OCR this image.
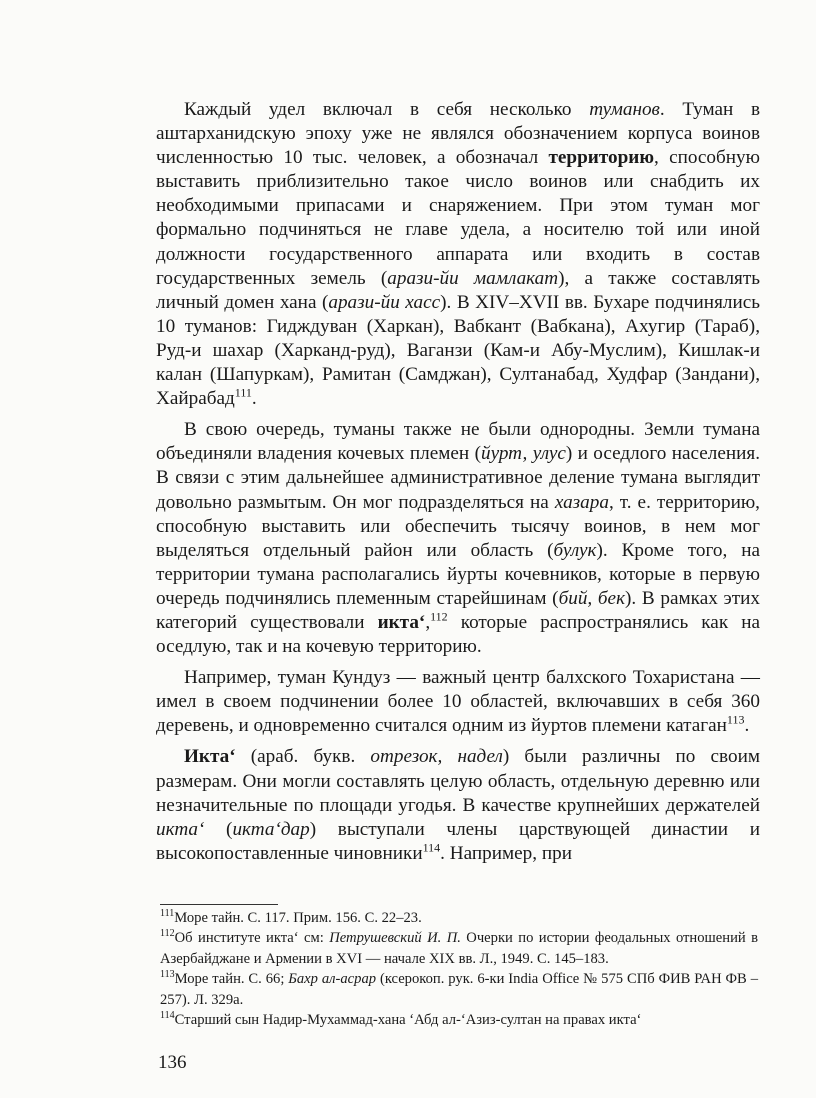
Каждый удел включал в себя несколько туманов. Туман в аштарханидскую эпоху уже не являлся обозначением корпуса воинов численностью 10 тыс. человек, а обозначал территорию, способную выставить приблизительно такое число воинов или снабдить их необходимыми припасами и снаряжением. При этом туман мог формально подчиняться не главе удела, а носителю той или иной должности государственного аппарата или входить в состав государственных земель (арази-йи мамлакат), а также составлять личный домен хана (арази-йи хасс). В XIV–XVII вв. Бухаре подчинялись 10 туманов: Гидждуван (Харкан), Вабкант (Вабкана), Ахугир (Тараб), Руд-и шахар (Харканд-руд), Ваганзи (Кам-и Абу-Муслим), Кишлак-и калан (Шапуркам), Рамитан (Самджан), Султанабад, Худфар (Зандани), Хайрабад$^{111}$.

В свою очередь, туманы также не были однородны. Земли тумана объединяли владения кочевых племен (йурт, улус) и оседлого населения. В связи с этим дальнейшее административное деление тумана выглядит довольно размытым. Он мог подразделяться на хазара, т. е. территорию, способную выставить или обеспечить тысячу воинов, в нем мог выделяться отдельный район или область (булук). Кроме того, на территории тумана располагались йурты кочевников, которые в первую очередь подчинялись племенным старейшинам (бий, бек). В рамках этих категорий существовали икта‘,$^{112}$ которые распространялись как на оседлую, так и на кочевую территорию.

Например, туман Кундуз — важный центр балхского Тохаристана — имел в своем подчинении более 10 областей, включавших в себя 360 деревень, и одновременно считался одним из йуртов племени катаган$^{113}$.

Икта‘ (араб. букв. отрезок, надел) были различны по своим размерам. Они могли составлять целую область, отдельную деревню или незначительные по площади угодья. В качестве крупнейших держателей икта‘ (икта‘дар) выступали члены царствующей династии и высокопоставленные чиновники$^{114}$. Например, при

$^{111}$Море тайн. С. 117. Прим. 156. С. 22–23.

$^{112}$Об институте икта‘ см: Петрушевский И. П. Очерки по истории феодальных отношений в Азербайджане и Армении в XVI — начале XIX вв. Л., 1949. С. 145–183.

$^{113}$Море тайн. С. 66; Бахр ал-асрар (ксерокоп. рук. 6-ки India Office № 575 СПб ФИВ РАН ФВ – 257). Л. 329а.

$^{114}$Старший сын Надир-Мухаммад-хана ‘Абд ал-‘Азиз-султан на правах икта‘

136
